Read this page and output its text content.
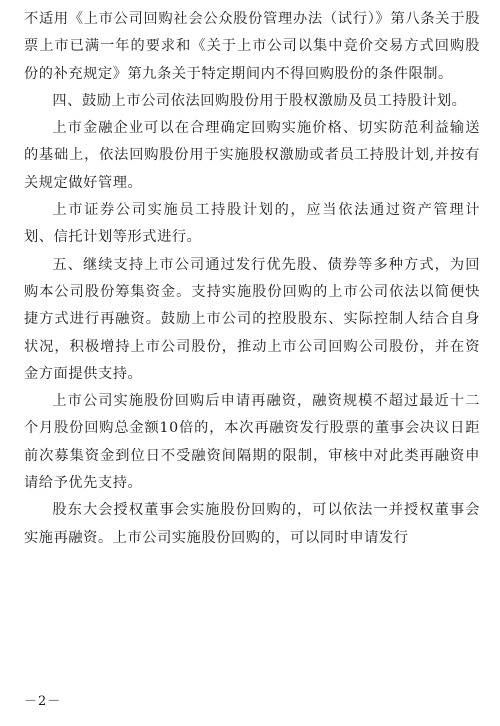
不适用《上市公司回购社会公众股份管理办法（试行）》第八条关于股票上市已满一年的要求和《关于上市公司以集中竞价交易方式回购股份的补充规定》第九条关于特定期间内不得回购股份的条件限制。

四、鼓励上市公司依法回购股份用于股权激励及员工持股计划。

上市金融企业可以在合理确定回购实施价格、切实防范利益输送的基础上，依法回购股份用于实施股权激励或者员工持股计划,并按有关规定做好管理。

上市证券公司实施员工持股计划的，应当依法通过资产管理计划、信托计划等形式进行。

五、继续支持上市公司通过发行优先股、债券等多种方式，为回购本公司股份筹集资金。支持实施股份回购的上市公司依法以简便快捷方式进行再融资。鼓励上市公司的控股股东、实际控制人结合自身状况，积极增持上市公司股份，推动上市公司回购公司股份，并在资金方面提供支持。

上市公司实施股份回购后申请再融资，融资规模不超过最近十二个月股份回购总金额10倍的，本次再融资发行股票的董事会决议日距前次募集资金到位日不受融资间隔期的限制，审核中对此类再融资申请给予优先支持。

股东大会授权董事会实施股份回购的，可以依法一并授权董事会实施再融资。上市公司实施股份回购的，可以同时申请发行

－2－
